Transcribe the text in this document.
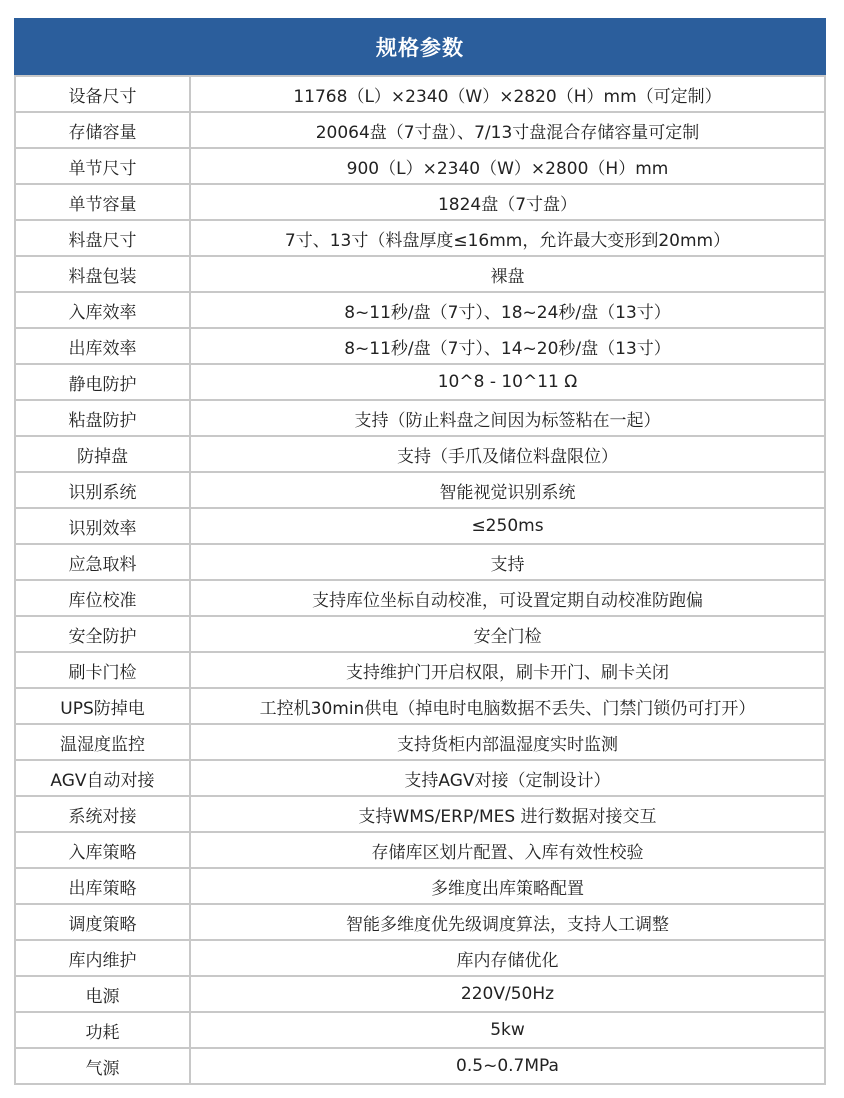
规格参数
设备尺寸	11768（L）×2340（W）×2820（H）mm（可定制）
存储容量	20064盘（7寸盘）、7/13寸盘混合存储容量可定制
单节尺寸	900（L）×2340（W）×2800（H）mm
单节容量	1824盘（7寸盘）
料盘尺寸	7寸、13寸（料盘厚度≤16mm，允许最大变形到20mm）
料盘包装	裸盘
入库效率	8~11秒/盘（7寸）、18~24秒/盘（13寸）
出库效率	8~11秒/盘（7寸）、14~20秒/盘（13寸）
静电防护	10^8 - 10^11 Ω
粘盘防护	支持（防止料盘之间因为标签粘在一起）
防掉盘	支持（手爪及储位料盘限位）
识别系统	智能视觉识别系统
识别效率	≤250ms
应急取料	支持
库位校准	支持库位坐标自动校准，可设置定期自动校准防跑偏
安全防护	安全门检
刷卡门检	支持维护门开启权限，刷卡开门、刷卡关闭
UPS防掉电	工控机30min供电（掉电时电脑数据不丢失、门禁门锁仍可打开）
温湿度监控	支持货柜内部温湿度实时监测
AGV自动对接	支持AGV对接（定制设计）
系统对接	支持WMS/ERP/MES 进行数据对接交互
入库策略	存储库区划片配置、入库有效性校验
出库策略	多维度出库策略配置
调度策略	智能多维度优先级调度算法，支持人工调整
库内维护	库内存储优化
电源	220V/50Hz
功耗	5kw
气源	0.5~0.7MPa
